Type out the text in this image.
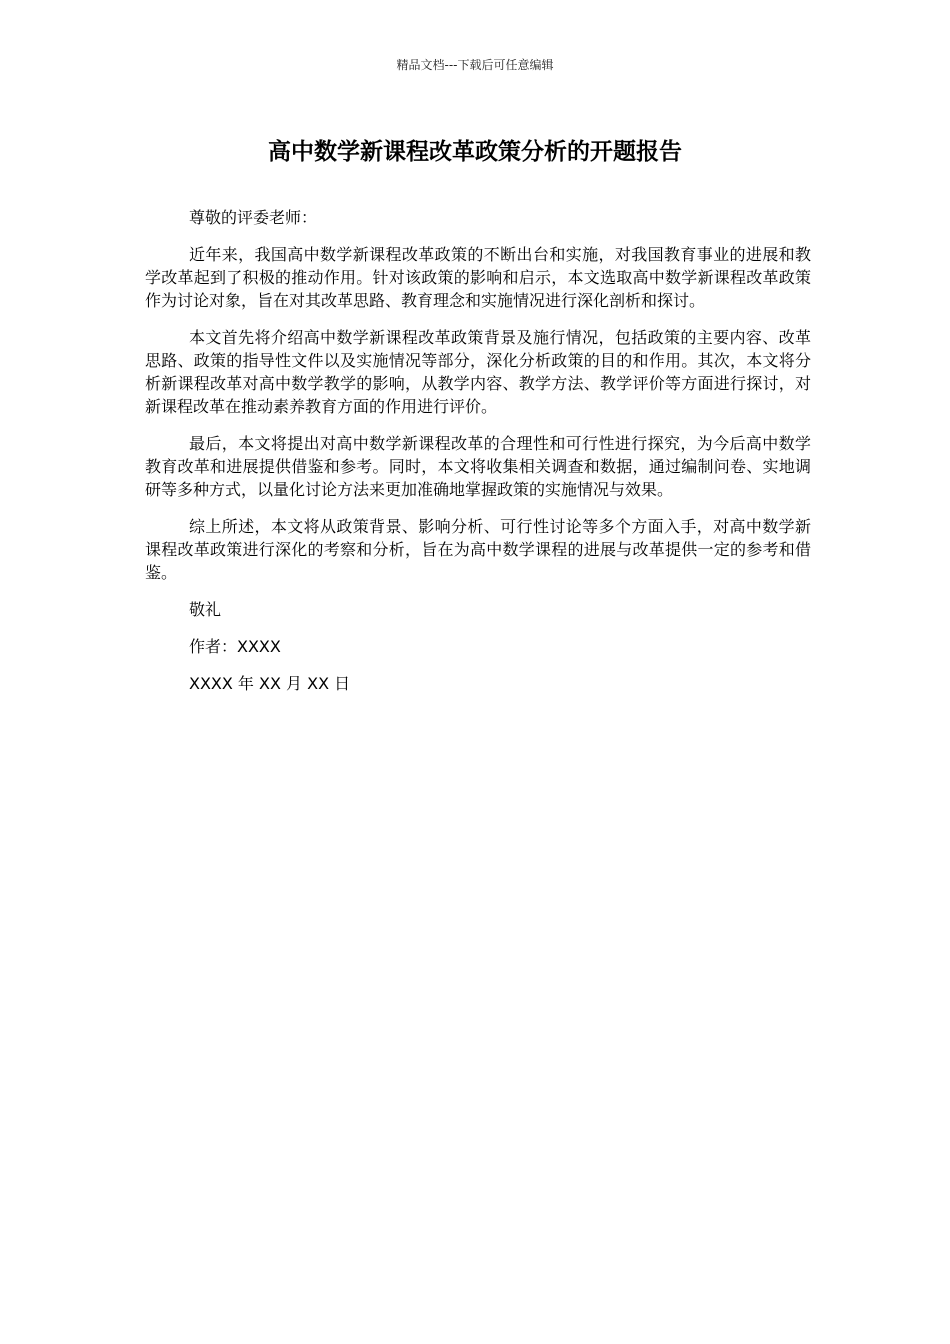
精品文档---下载后可任意编辑
高中数学新课程改革政策分析的开题报告

尊敬的评委老师：

近年来，我国高中数学新课程改革政策的不断出台和实施，对我国教育事业的进展和教学改革起到了积极的推动作用。针对该政策的影响和启示，本文选取高中数学新课程改革政策作为讨论对象，旨在对其改革思路、教育理念和实施情况进行深化剖析和探讨。

本文首先将介绍高中数学新课程改革政策背景及施行情况，包括政策的主要内容、改革思路、政策的指导性文件以及实施情况等部分，深化分析政策的目的和作用。其次，本文将分析新课程改革对高中数学教学的影响，从教学内容、教学方法、教学评价等方面进行探讨，对新课程改革在推动素养教育方面的作用进行评价。

最后，本文将提出对高中数学新课程改革的合理性和可行性进行探究，为今后高中数学教育改革和进展提供借鉴和参考。同时，本文将收集相关调查和数据，通过编制问卷、实地调研等多种方式，以量化讨论方法来更加准确地掌握政策的实施情况与效果。

综上所述，本文将从政策背景、影响分析、可行性讨论等多个方面入手，对高中数学新课程改革政策进行深化的考察和分析，旨在为高中数学课程的进展与改革提供一定的参考和借鉴。

敬礼

作者：XXXX

XXXX 年 XX 月 XX 日
